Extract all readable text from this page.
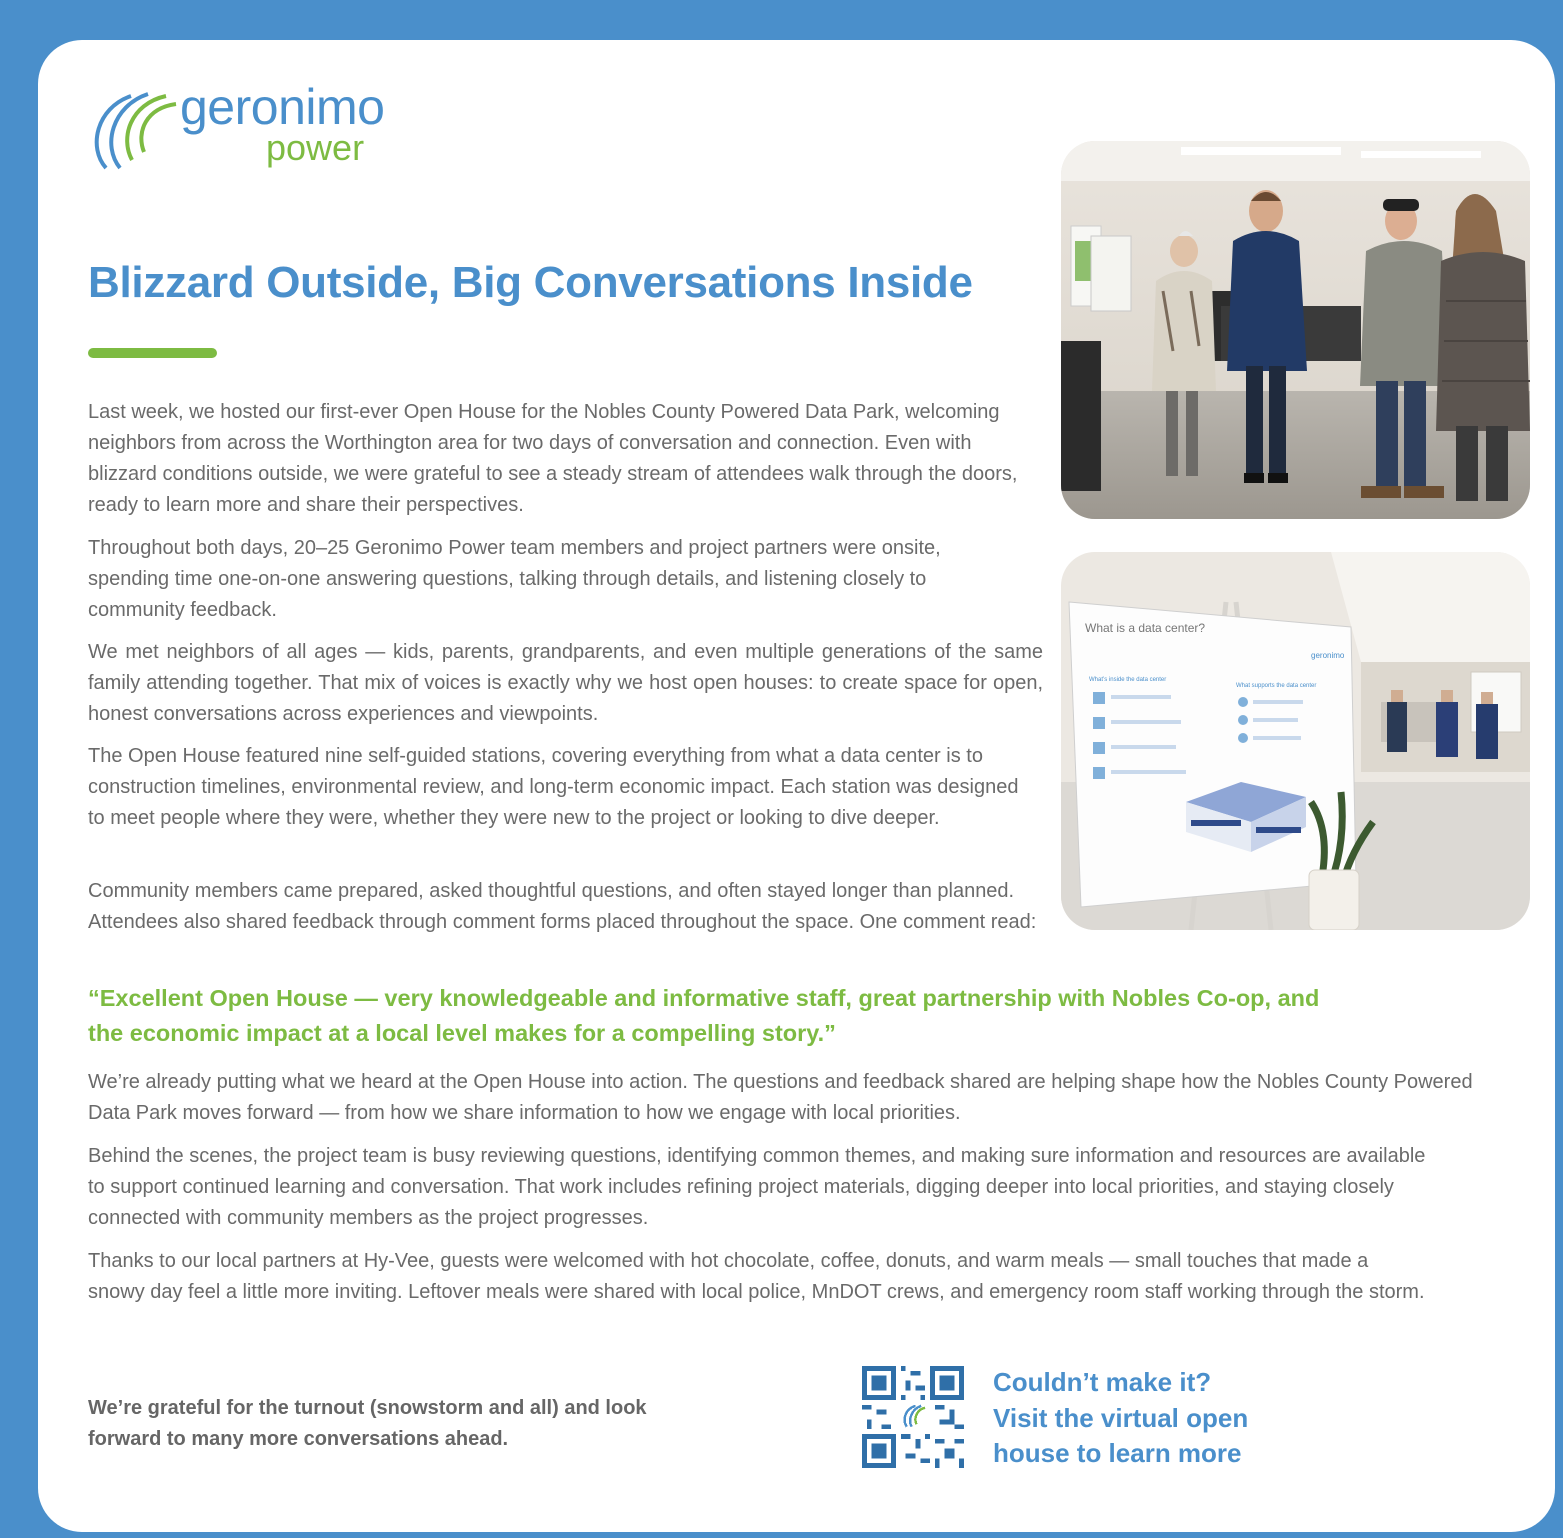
geronimo
power
Blizzard Outside, Big Conversations Inside

Last week, we hosted our first-ever Open House for the Nobles County Powered Data Park, welcoming neighbors from across the Worthington area for two days of conversation and connection. Even with blizzard conditions outside, we were grateful to see a steady stream of attendees walk through the doors, ready to learn more and share their perspectives.

Throughout both days, 20–25 Geronimo Power team members and project partners were onsite, spending time one-on-one answering questions, talking through details, and listening closely to community feedback.

We met neighbors of all ages — kids, parents, grandparents, and even multiple generations of the same family attending together. That mix of voices is exactly why we host open houses: to create space for open, honest conversations across experiences and viewpoints.

The Open House featured nine self-guided stations, covering everything from what a data center is to construction timelines, environmental review, and long-term economic impact. Each station was designed to meet people where they were, whether they were new to the project or looking to dive deeper.

Community members came prepared, asked thoughtful questions, and often stayed longer than planned. Attendees also shared feedback through comment forms placed throughout the space. One comment read:

“Excellent Open House — very knowledgeable and informative staff, great partnership with Nobles Co-op, and the economic impact at a local level makes for a compelling story.”

We’re already putting what we heard at the Open House into action. The questions and feedback shared are helping shape how the Nobles County Powered Data Park moves forward — from how we share information to how we engage with local priorities.

Behind the scenes, the project team is busy reviewing questions, identifying common themes, and making sure information and resources are available to support continued learning and conversation. That work includes refining project materials, digging deeper into local priorities, and staying closely connected with community members as the project progresses.

Thanks to our local partners at Hy-Vee, guests were welcomed with hot chocolate, coffee, donuts, and warm meals — small touches that made a snowy day feel a little more inviting. Leftover meals were shared with local police, MnDOT crews, and emergency room staff working through the storm.

What is a data center?
What’s inside the data center
What supports the data center
geronimo

We’re grateful for the turnout (snowstorm and all) and look forward to many more conversations ahead.

Couldn’t make it?
Visit the virtual open
house to learn more
